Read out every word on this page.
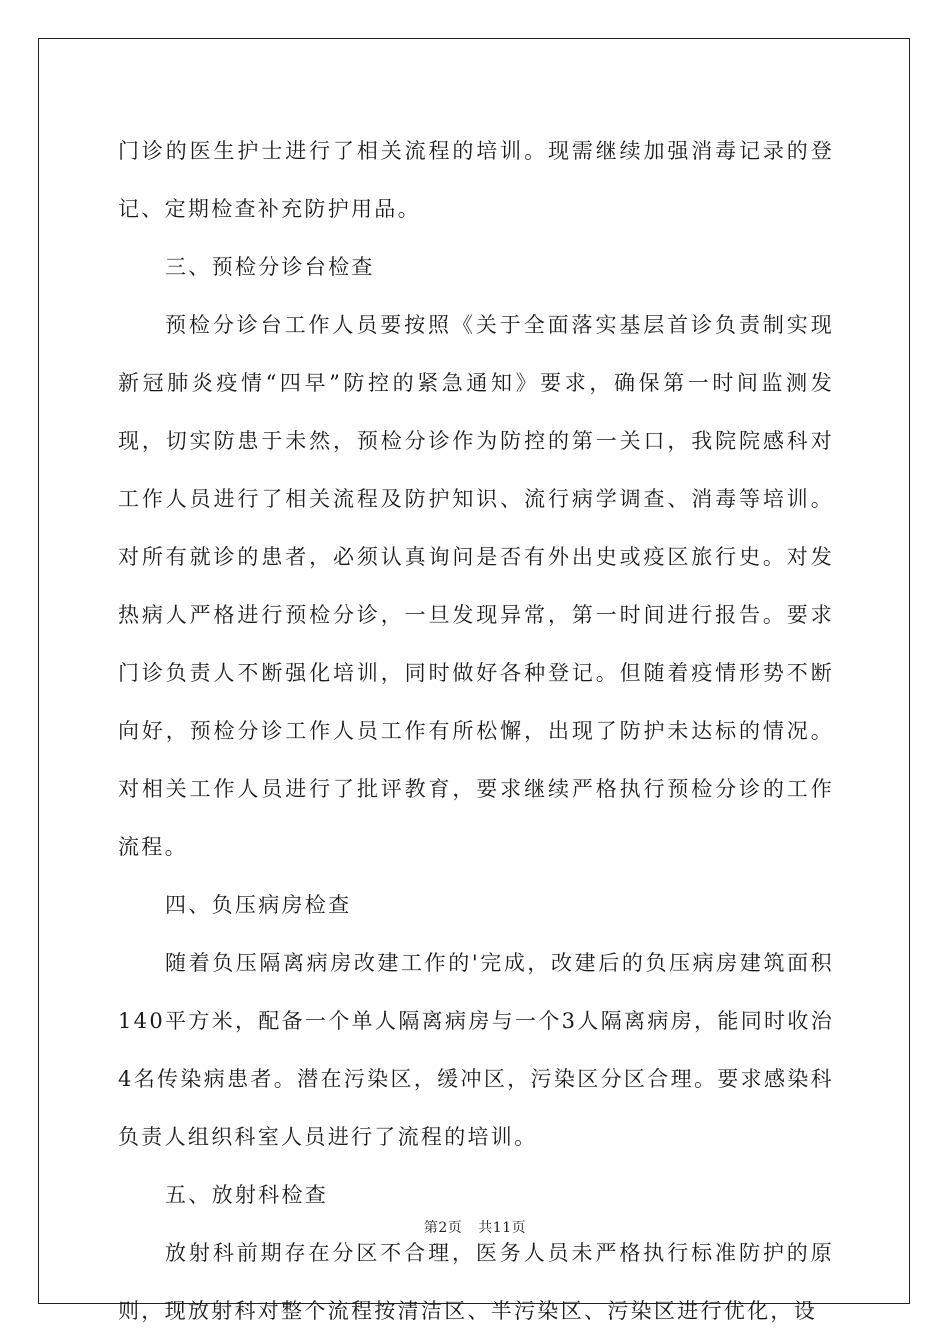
门诊的医生护士进行了相关流程的培训。现需继续加强消毒记录的登记、定期检查补充防护用品。

三、预检分诊台检查

预检分诊台工作人员要按照《关于全面落实基层首诊负责制实现新冠肺炎疫情“四早”防控的紧急通知》要求，确保第一时间监测发现，切实防患于未然，预检分诊作为防控的第一关口，我院院感科对工作人员进行了相关流程及防护知识、流行病学调查、消毒等培训。对所有就诊的患者，必须认真询问是否有外出史或疫区旅行史。对发热病人严格进行预检分诊，一旦发现异常，第一时间进行报告。要求门诊负责人不断强化培训，同时做好各种登记。但随着疫情形势不断向好，预检分诊工作人员工作有所松懈，出现了防护未达标的情况。对相关工作人员进行了批评教育，要求继续严格执行预检分诊的工作流程。

四、负压病房检查

随着负压隔离病房改建工作的'完成，改建后的负压病房建筑面积140平方米，配备一个单人隔离病房与一个3人隔离病房，能同时收治4名传染病患者。潜在污染区，缓冲区，污染区分区合理。要求感染科负责人组织科室人员进行了流程的培训。

五、放射科检查

放射科前期存在分区不合理，医务人员未严格执行标准防护的原则，现放射科对整个流程按清洁区、半污染区、污染区进行优化，设

第2页 共11页
